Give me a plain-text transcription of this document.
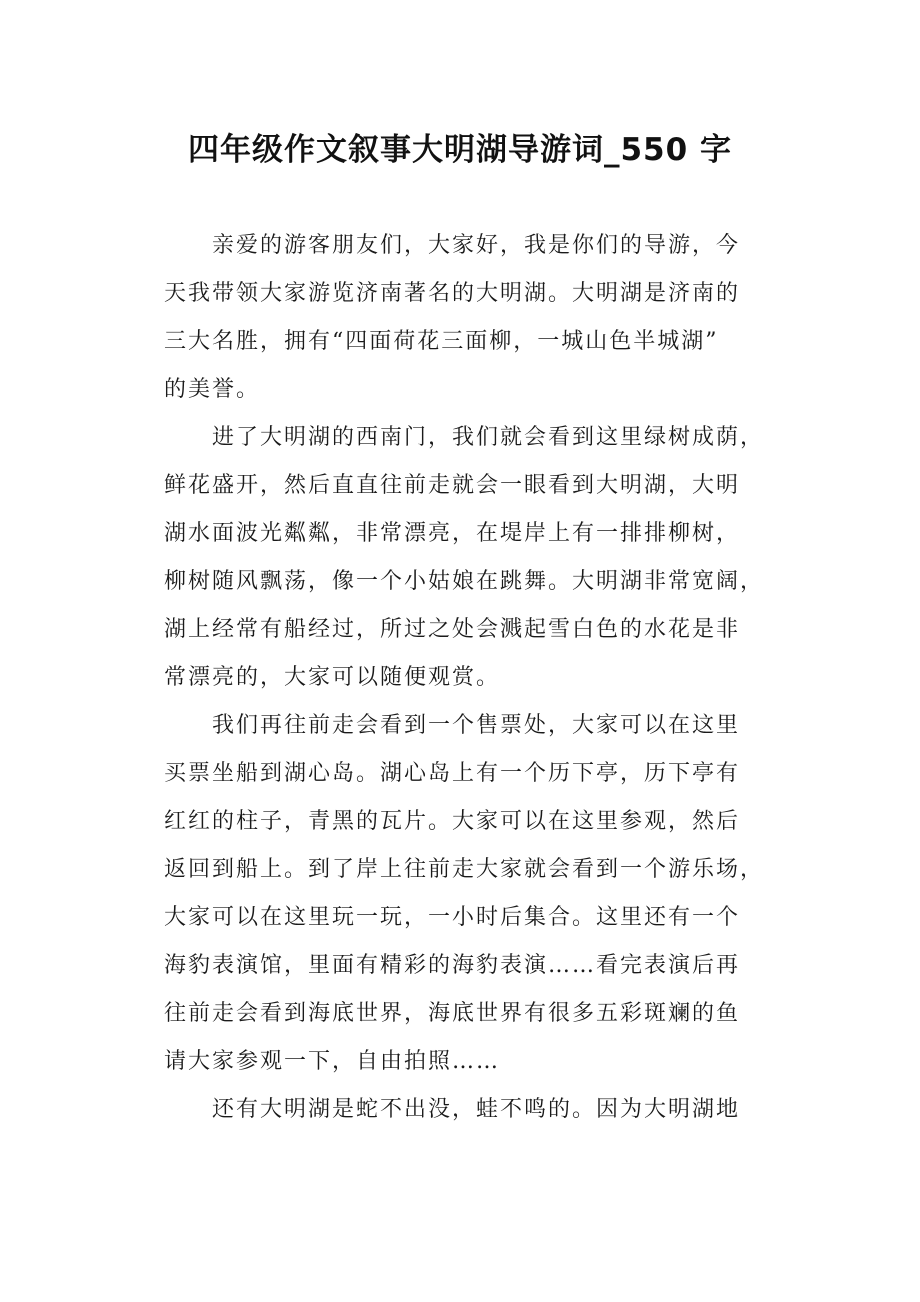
四年级作文叙事大明湖导游词_550 字
亲爱的游客朋友们，大家好，我是你们的导游，今
天我带领大家游览济南著名的大明湖。大明湖是济南的
三大名胜，拥有“四面荷花三面柳，一城山色半城湖”
的美誉。
进了大明湖的西南门，我们就会看到这里绿树成荫，
鲜花盛开，然后直直往前走就会一眼看到大明湖，大明
湖水面波光粼粼，非常漂亮，在堤岸上有一排排柳树，
柳树随风飘荡，像一个小姑娘在跳舞。大明湖非常宽阔，
湖上经常有船经过，所过之处会溅起雪白色的水花是非
常漂亮的，大家可以随便观赏。
我们再往前走会看到一个售票处，大家可以在这里
买票坐船到湖心岛。湖心岛上有一个历下亭，历下亭有
红红的柱子，青黑的瓦片。大家可以在这里参观，然后
返回到船上。到了岸上往前走大家就会看到一个游乐场，
大家可以在这里玩一玩，一小时后集合。这里还有一个
海豹表演馆，里面有精彩的海豹表演……看完表演后再
往前走会看到海底世界，海底世界有很多五彩斑斓的鱼
请大家参观一下，自由拍照……
还有大明湖是蛇不出没，蛙不鸣的。因为大明湖地
